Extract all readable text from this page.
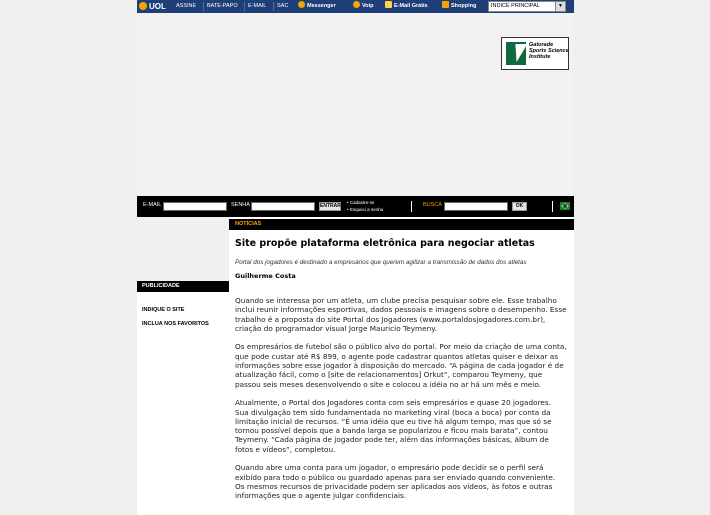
UOL ASSINE BATE-PAPO E-MAIL SAC	Messenger	Voip	E-Mail Grátis	Shopping	INDICE PRINCIPAL	▼
Gatorade Sports Science Institute
E-MAIL	SENHA	ENTRAR
• Cadastre-se
• Esqueci a senha
BUSCA	OK
PUBLICIDADE
INDIQUE O SITE
INCLUA NOS FAVORITOS
NOTÍCIAS
Site propõe plataforma eletrônica para negociar atletas
Portal dos jogadores é destinado a empresários que querem agilizar a transmissão de dados dos atletas
Guilherme Costa

Quando se interessa por um atleta, um clube precisa pesquisar sobre ele. Esse trabalho inclui reunir informações esportivas, dados pessoais e imagens sobre o desempenho. Esse trabalho é a proposta do site Portal dos Jogadores (www.portaldosjogadores.com.br), criação do programador visual Jorge Mauricio Teymeny.

Os empresários de futebol são o público alvo do portal. Por meio da criação de uma conta, que pode custar até R$ 899, o agente pode cadastrar quantos atletas quiser e deixar as informações sobre esse jogador à disposição do mercado. “A página de cada jogador é de atualização fácil, como o [site de relacionamentos] Orkut”, comparou Teymeny, que passou seis meses desenvolvendo o site e colocou a idéia no ar há um mês e meio.

Atualmente, o Portal dos Jogadores conta com seis empresários e quase 20 jogadores. Sua divulgação tem sido fundamentada no marketing viral (boca a boca) por conta da limitação inicial de recursos. “É uma idéia que eu tive há algum tempo, mas que só se tornou possível depois que a banda larga se popularizou e ficou mais barata”, contou Teymeny. “Cada página de jogador pode ter, além das informações básicas, álbum de fotos e vídeos”, completou.

Quando abre uma conta para um jogador, o empresário pode decidir se o perfil será exibido para todo o público ou guardado apenas para ser enviado quando conveniente. Os mesmos recursos de privacidade podem ser aplicados aos vídeos, às fotos e outras informações que o agente julgar confidenciais.
